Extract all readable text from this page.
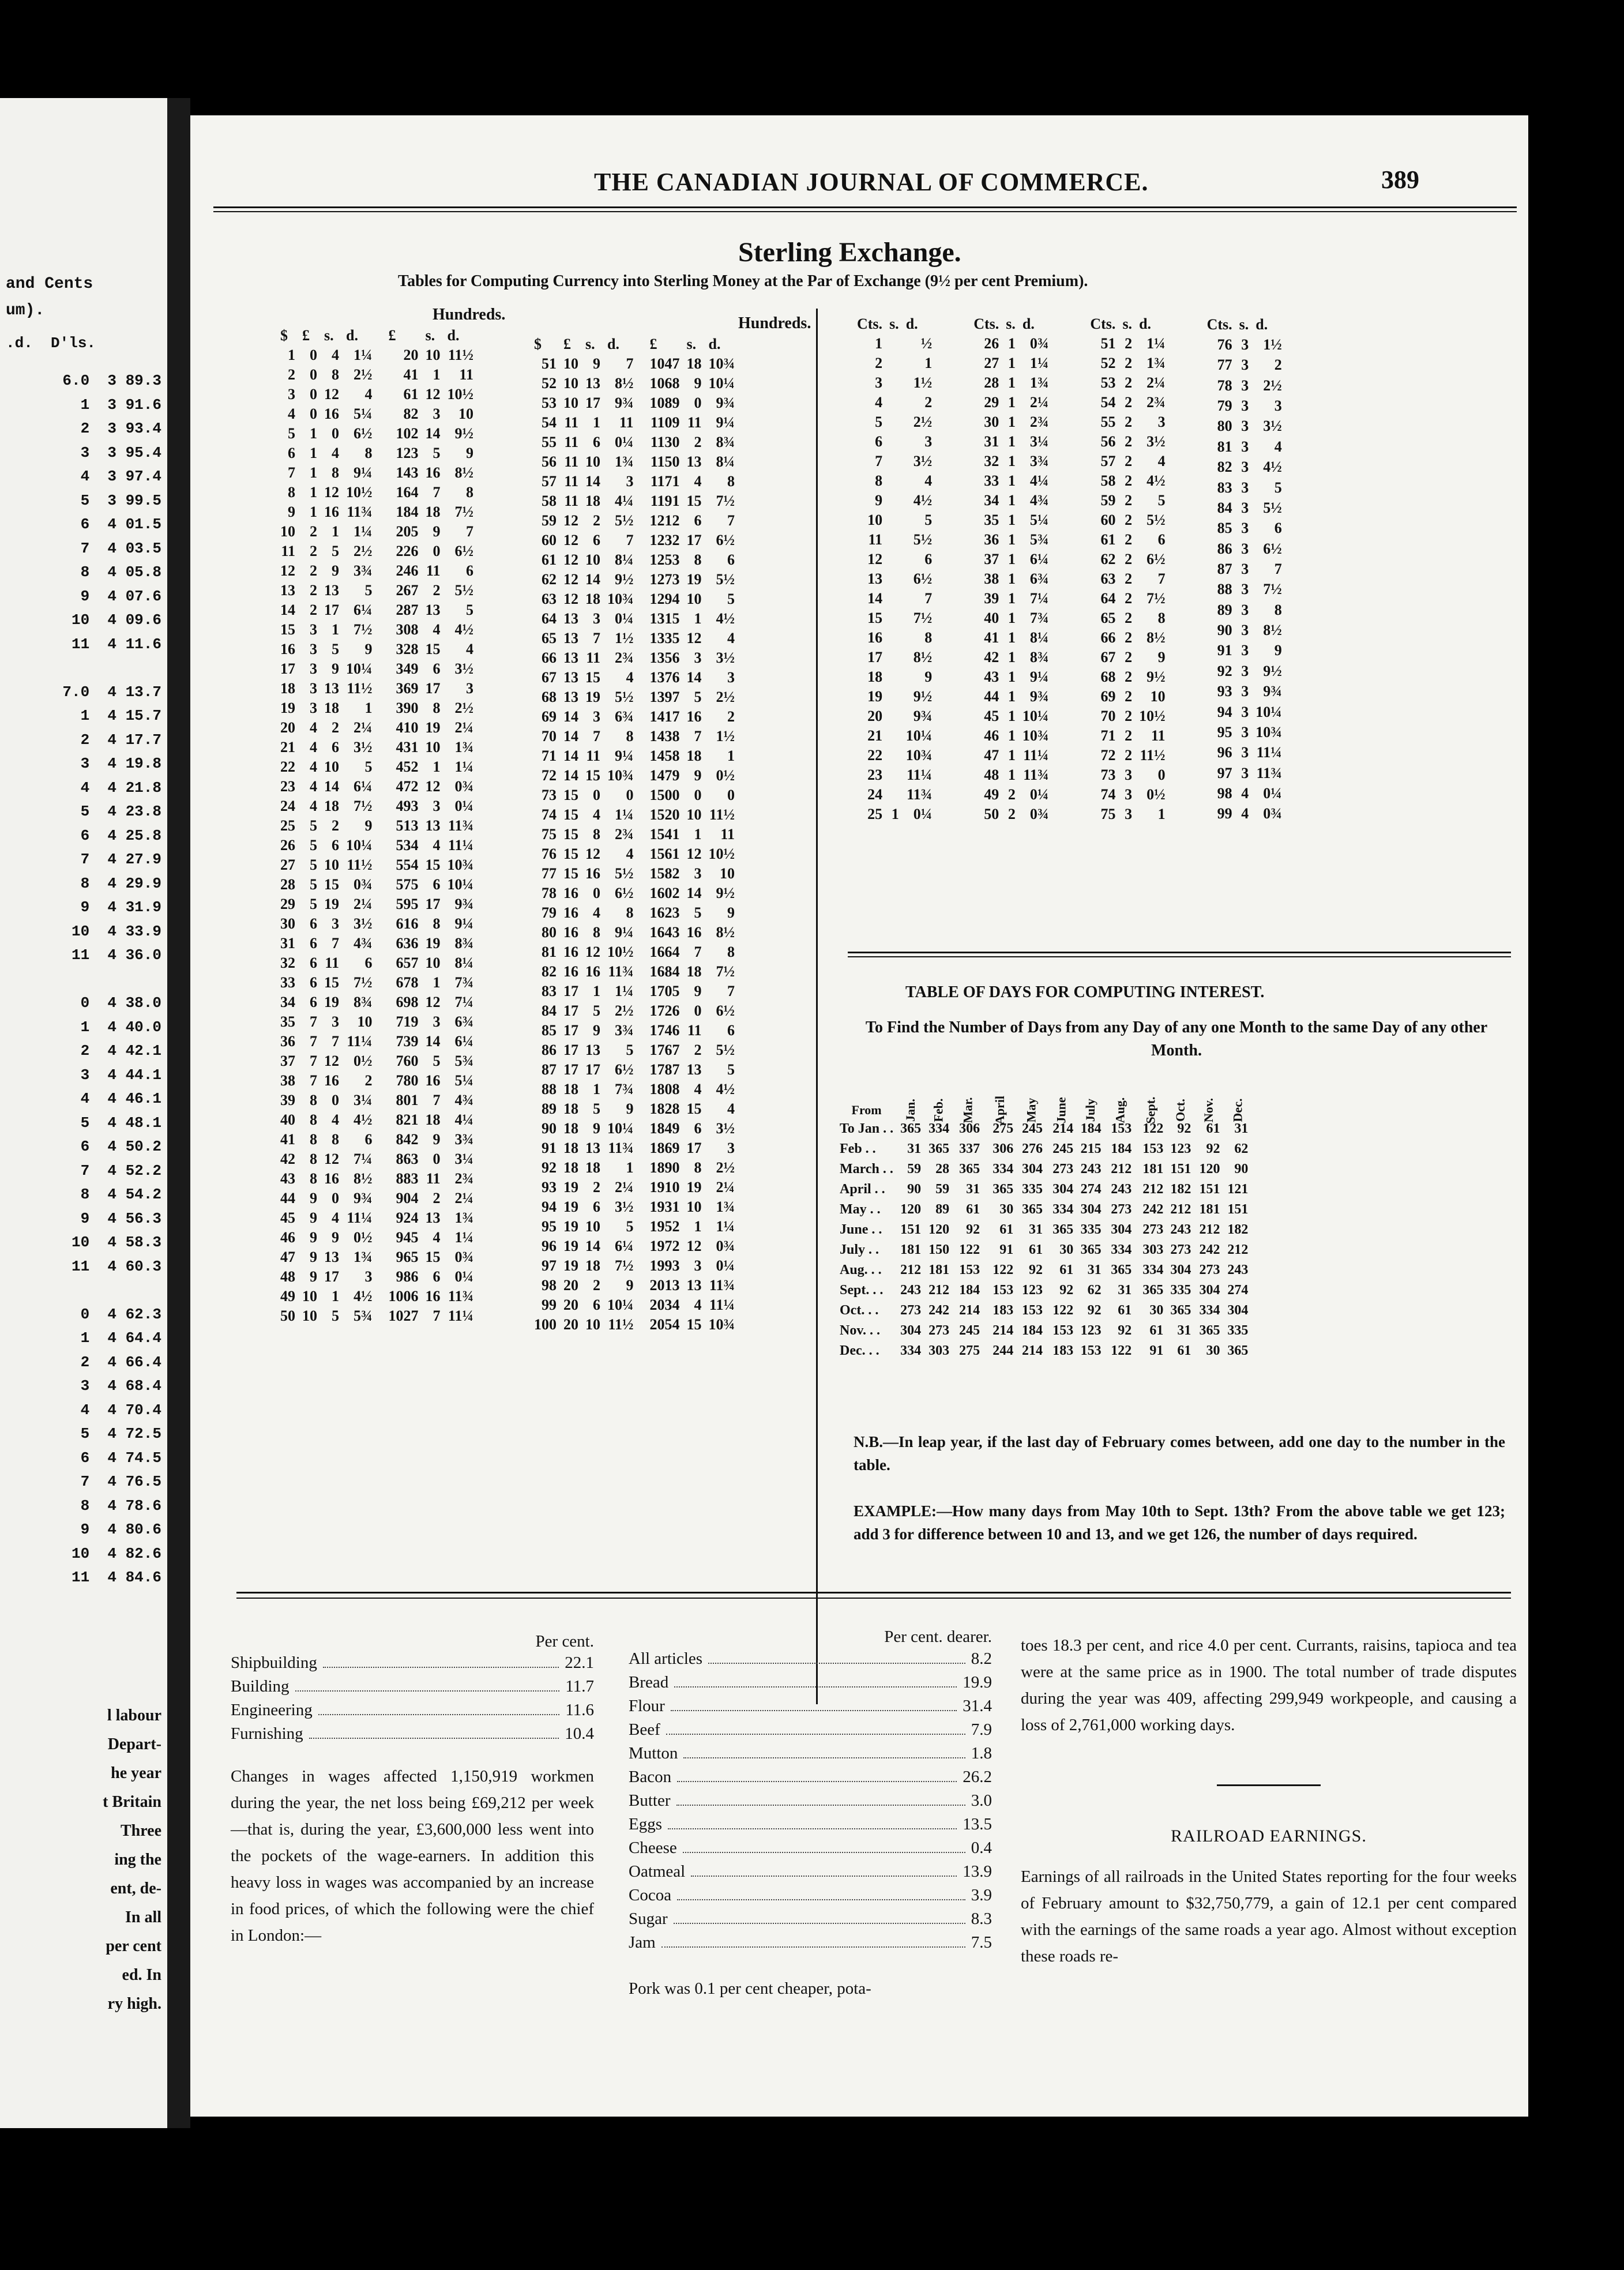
and Cents
um).
.d.  D'ls.
6.0  3 89.3
1  3 91.6
2  3 93.4
3  3 95.4
4  3 97.4
5  3 99.5
6  4 01.5
7  4 03.5
8  4 05.8
9  4 07.6
10  4 09.6
11  4 11.6

7.0  4 13.7
1  4 15.7
2  4 17.7
3  4 19.8
4  4 21.8
5  4 23.8
6  4 25.8
7  4 27.9
8  4 29.9
9  4 31.9
10  4 33.9
11  4 36.0

0  4 38.0
1  4 40.0
2  4 42.1
3  4 44.1
4  4 46.1
5  4 48.1
6  4 50.2
7  4 52.2
8  4 54.2
9  4 56.3
10  4 58.3
11  4 60.3

0  4 62.3
1  4 64.4
2  4 66.4
3  4 68.4
4  4 70.4
5  4 72.5
6  4 74.5
7  4 76.5
8  4 78.6
9  4 80.6
10  4 82.6
11  4 84.6
l labour
Depart-
he year
t Britain
Three
ing the
ent, de-
In all
per cent
ed. In
ry high.
THE CANADIAN JOURNAL OF COMMERCE.	389
Sterling Exchange.
Tables for Computing Currency into Sterling Money at the Par of Exchange (9½ per cent Premium).
Hundreds.	Hundreds.
$	£	s.	d.	£	s.	d.
1	0	4	1¼	20	10	11½
2	0	8	2½	41	1	11
3	0	12	4	61	12	10½
4	0	16	5¼	82	3	10
5	1	0	6½	102	14	9½
6	1	4	8	123	5	9
7	1	8	9¼	143	16	8½
8	1	12	10½	164	7	8
9	1	16	11¾	184	18	7½
10	2	1	1¼	205	9	7
11	2	5	2½	226	0	6½
12	2	9	3¾	246	11	6
13	2	13	5	267	2	5½
14	2	17	6¼	287	13	5
15	3	1	7½	308	4	4½
16	3	5	9	328	15	4
17	3	9	10¼	349	6	3½
18	3	13	11½	369	17	3
19	3	18	1	390	8	2½
20	4	2	2¼	410	19	2¼
21	4	6	3½	431	10	1¾
22	4	10	5	452	1	1¼
23	4	14	6¼	472	12	0¾
24	4	18	7½	493	3	0¼
25	5	2	9	513	13	11¾
26	5	6	10¼	534	4	11¼
27	5	10	11½	554	15	10¾
28	5	15	0¾	575	6	10¼
29	5	19	2¼	595	17	9¾
30	6	3	3½	616	8	9¼
31	6	7	4¾	636	19	8¾
32	6	11	6	657	10	8¼
33	6	15	7½	678	1	7¾
34	6	19	8¾	698	12	7¼
35	7	3	10	719	3	6¾
36	7	7	11¼	739	14	6¼
37	7	12	0½	760	5	5¾
38	7	16	2	780	16	5¼
39	8	0	3¼	801	7	4¾
40	8	4	4½	821	18	4¼
41	8	8	6	842	9	3¾
42	8	12	7¼	863	0	3¼
43	8	16	8½	883	11	2¾
44	9	0	9¾	904	2	2¼
45	9	4	11¼	924	13	1¾
46	9	9	0½	945	4	1¼
47	9	13	1¾	965	15	0¾
48	9	17	3	986	6	0¼
49	10	1	4½	1006	16	11¾
50	10	5	5¾	1027	7	11¼
$	£	s.	d.	£	s.	d.
51	10	9	7	1047	18	10¾
52	10	13	8½	1068	9	10¼
53	10	17	9¾	1089	0	9¾
54	11	1	11	1109	11	9¼
55	11	6	0¼	1130	2	8¾
56	11	10	1¾	1150	13	8¼
57	11	14	3	1171	4	8
58	11	18	4¼	1191	15	7½
59	12	2	5½	1212	6	7
60	12	6	7	1232	17	6½
61	12	10	8¼	1253	8	6
62	12	14	9½	1273	19	5½
63	12	18	10¾	1294	10	5
64	13	3	0¼	1315	1	4½
65	13	7	1½	1335	12	4
66	13	11	2¾	1356	3	3½
67	13	15	4	1376	14	3
68	13	19	5½	1397	5	2½
69	14	3	6¾	1417	16	2
70	14	7	8	1438	7	1½
71	14	11	9¼	1458	18	1
72	14	15	10¾	1479	9	0½
73	15	0	0	1500	0	0
74	15	4	1¼	1520	10	11½
75	15	8	2¾	1541	1	11
76	15	12	4	1561	12	10½
77	15	16	5½	1582	3	10
78	16	0	6½	1602	14	9½
79	16	4	8	1623	5	9
80	16	8	9¼	1643	16	8½
81	16	12	10½	1664	7	8
82	16	16	11¾	1684	18	7½
83	17	1	1¼	1705	9	7
84	17	5	2½	1726	0	6½
85	17	9	3¾	1746	11	6
86	17	13	5	1767	2	5½
87	17	17	6½	1787	13	5
88	18	1	7¾	1808	4	4½
89	18	5	9	1828	15	4
90	18	9	10¼	1849	6	3½
91	18	13	11¾	1869	17	3
92	18	18	1	1890	8	2½
93	19	2	2¼	1910	19	2¼
94	19	6	3½	1931	10	1¾
95	19	10	5	1952	1	1¼
96	19	14	6¼	1972	12	0¾
97	19	18	7½	1993	3	0¼
98	20	2	9	2013	13	11¾
99	20	6	10¼	2034	4	11¼
100	20	10	11½	2054	15	10¾
Cts.	s.	d.
1		½
2		1
3		1½
4		2
5		2½
6		3
7		3½
8		4
9		4½
10		5
11		5½
12		6
13		6½
14		7
15		7½
16		8
17		8½
18		9
19		9½
20		9¾
21		10¼
22		10¾
23		11¼
24		11¾
25	1	0¼
Cts.	s.	d.
26	1	0¾
27	1	1¼
28	1	1¾
29	1	2¼
30	1	2¾
31	1	3¼
32	1	3¾
33	1	4¼
34	1	4¾
35	1	5¼
36	1	5¾
37	1	6¼
38	1	6¾
39	1	7¼
40	1	7¾
41	1	8¼
42	1	8¾
43	1	9¼
44	1	9¾
45	1	10¼
46	1	10¾
47	1	11¼
48	1	11¾
49	2	0¼
50	2	0¾
Cts.	s.	d.
51	2	1¼
52	2	1¾
53	2	2¼
54	2	2¾
55	2	3
56	2	3½
57	2	4
58	2	4½
59	2	5
60	2	5½
61	2	6
62	2	6½
63	2	7
64	2	7½
65	2	8
66	2	8½
67	2	9
68	2	9½
69	2	10
70	2	10½
71	2	11
72	2	11½
73	3	0
74	3	0½
75	3	1
Cts.	s.	d.
76	3	1½
77	3	2
78	3	2½
79	3	3
80	3	3½
81	3	4
82	3	4½
83	3	5
84	3	5½
85	3	6
86	3	6½
87	3	7
88	3	7½
89	3	8
90	3	8½
91	3	9
92	3	9½
93	3	9¾
94	3	10¼
95	3	10¾
96	3	11¼
97	3	11¾
98	4	0¼
99	4	0¾
TABLE OF DAYS FOR COMPUTING INTEREST.
To Find the Number of Days from any Day of any one Month to the same Day of any other Month.
From	Jan.	Feb.	Mar.	April	May	June	July	Aug.	Sept.	Oct.	Nov.	Dec.
To Jan . .	365	334	306	275	245	214	184	153	122	92	61	31
Feb . .	31	365	337	306	276	245	215	184	153	123	92	62
March . .	59	28	365	334	304	273	243	212	181	151	120	90
April . .	90	59	31	365	335	304	274	243	212	182	151	121
May . .	120	89	61	30	365	334	304	273	242	212	181	151
June . .	151	120	92	61	31	365	335	304	273	243	212	182
July . .	181	150	122	91	61	30	365	334	303	273	242	212
Aug. . .	212	181	153	122	92	61	31	365	334	304	273	243
Sept. . .	243	212	184	153	123	92	62	31	365	335	304	274
Oct. . .	273	242	214	183	153	122	92	61	30	365	334	304
Nov. . .	304	273	245	214	184	153	123	92	61	31	365	335
Dec. . .	334	303	275	244	214	183	153	122	91	61	30	365
N.B.—In leap year, if the last day of February comes between, add one day to the number in the table.
EXAMPLE:—How many days from May 10th to Sept. 13th? From the above table we get 123; add 3 for difference between 10 and 13, and we get 126, the number of days required.
Per cent.
Shipbuilding	22.1
Building	11.7
Engineering	11.6
Furnishing	10.4
Changes in wages affected 1,150,919 workmen during the year, the net loss being £69,212 per week—that is, during the year, £3,600,000 less went into the pockets of the wage-earners. In addition this heavy loss in wages was accompanied by an increase in food prices, of which the following were the chief in London:—
Per cent. dearer.
All articles	8.2
Bread	19.9
Flour	31.4
Beef	7.9
Mutton	1.8
Bacon	26.2
Butter	3.0
Eggs	13.5
Cheese	0.4
Oatmeal	13.9
Cocoa	3.9
Sugar	8.3
Jam	7.5
Pork was 0.1 per cent cheaper, pota-
toes 18.3 per cent, and rice 4.0 per cent. Currants, raisins, tapioca and tea were at the same price as in 1900. The total number of trade disputes during the year was 409, affecting 299,949 workpeople, and causing a loss of 2,761,000 working days.
RAILROAD EARNINGS.
Earnings of all railroads in the United States reporting for the four weeks of February amount to $32,750,779, a gain of 12.1 per cent compared with the earnings of the same roads a year ago. Almost without exception these roads re-
